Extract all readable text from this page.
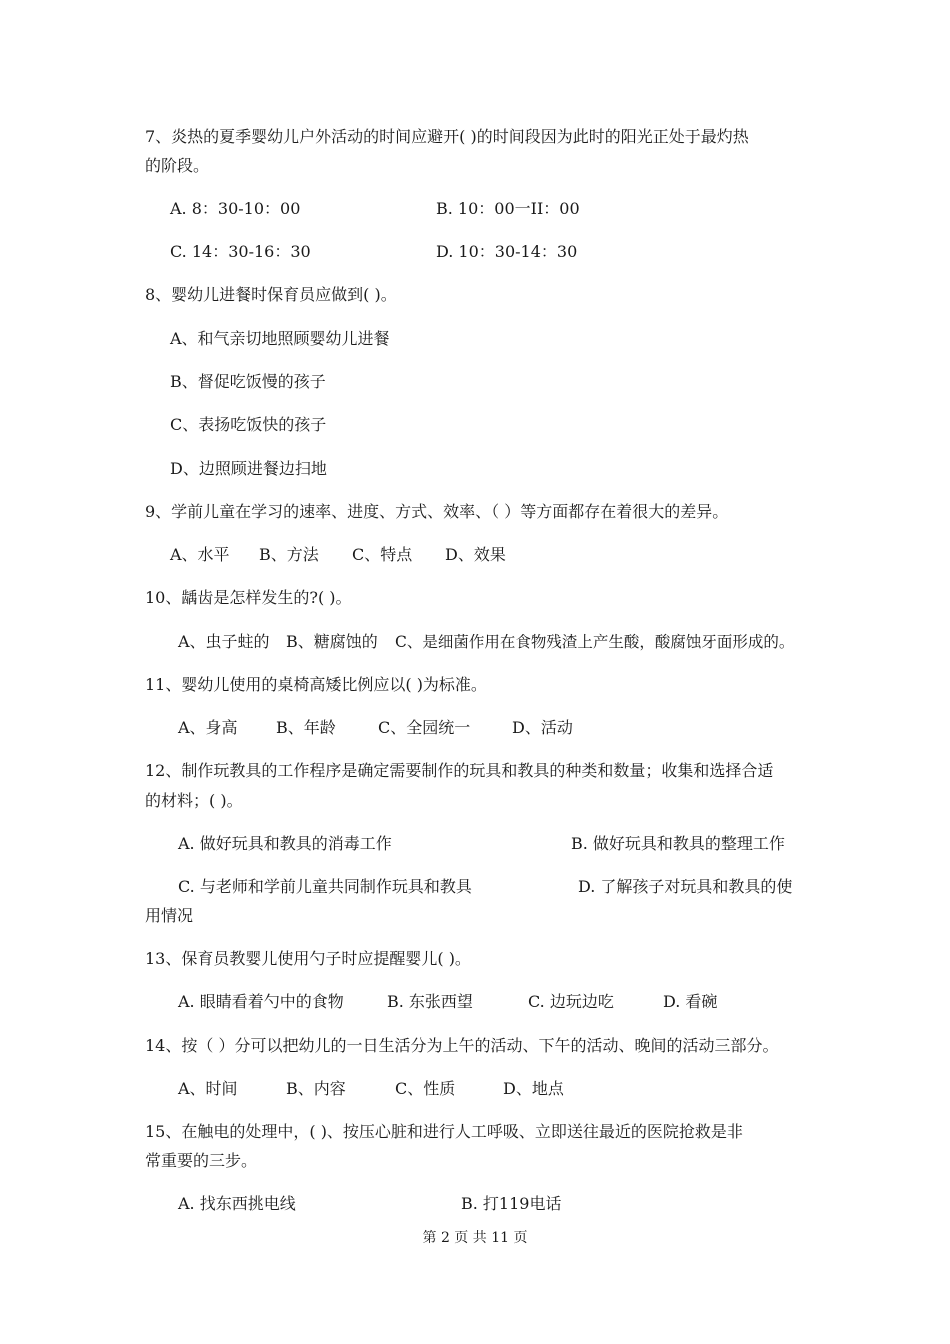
7、炎热的夏季婴幼儿户外活动的时间应避开( )的时间段因为此时的阳光正处于最灼热
的阶段。
A. 8：30-10：00	B. 10：00一II：00
C. 14：30-16：30	D. 10：30-14：30
8、婴幼儿进餐时保育员应做到( )。
A、和气亲切地照顾婴幼儿进餐
B、督促吃饭慢的孩子
C、表扬吃饭快的孩子
D、边照顾进餐边扫地
9、学前儿童在学习的速率、进度、方式、效率、（ ）等方面都存在着很大的差异。
A、水平 B、方法 C、特点 D、效果
10、龋齿是怎样发生的?( )。
A、虫子蛀的 B、糖腐蚀的 C、是细菌作用在食物残渣上产生酸，酸腐蚀牙面形成的。
11、婴幼儿使用的桌椅高矮比例应以( )为标准。
A、身高 B、年龄	C、全园统一	D、活动
12、制作玩教具的工作程序是确定需要制作的玩具和教具的种类和数量；收集和选择合适
的材料；( )。
A. 做好玩具和教具的消毒工作	B. 做好玩具和教具的整理工作
C. 与老师和学前儿童共同制作玩具和教具	D. 了解孩子对玩具和教具的使
用情况
13、保育员教婴儿使用勺子时应提醒婴儿( )。
A. 眼睛看着勺中的食物	B. 东张西望	C. 边玩边吃	D. 看碗
14、按（ ）分可以把幼儿的一日生活分为上午的活动、下午的活动、晚间的活动三部分。
A、时间	B、内容	C、性质	D、地点
15、在触电的处理中，( )、按压心脏和进行人工呼吸、立即送往最近的医院抢救是非
常重要的三步。
A. 找东西挑电线	B. 打119电话
第 2 页 共 11 页
